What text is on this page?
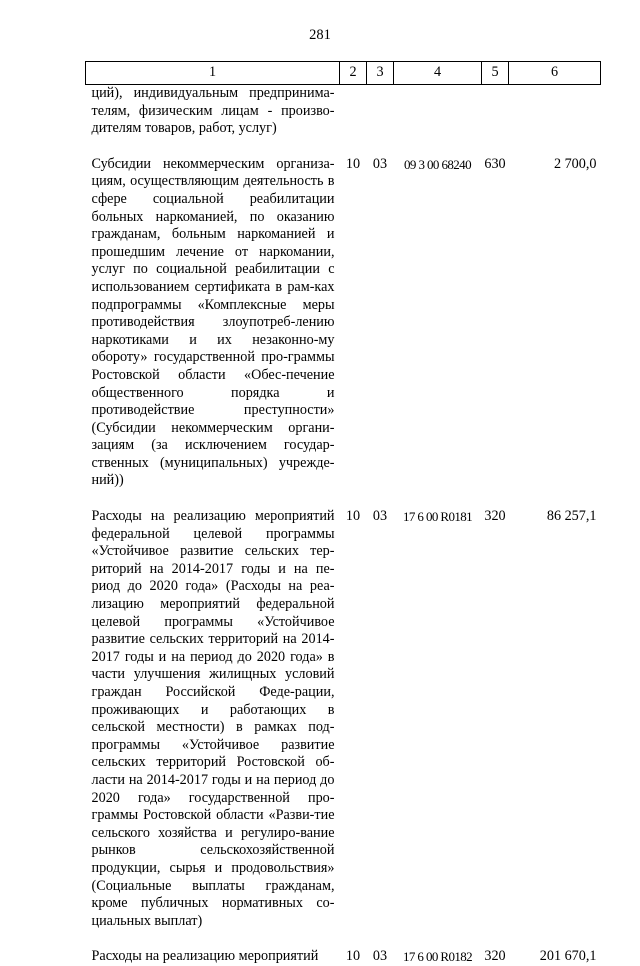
281
1	2	3	4	5	6
ций), индивидуальным предпринима-телям, физическим лицам - произво-дителям товаров, работ, услуг)					
Субсидии некоммерческим организа-циям, осуществляющим деятельность в сфере социальной реабилитации больных наркоманией, по оказанию гражданам, больным наркоманией и прошедшим лечение от наркомании, услуг по социальной реабилитации с использованием сертификата в рам-ках подпрограммы «Комплексные меры противодействия злоупотреб-лению наркотиками и их незаконно-му обороту» государственной про-граммы Ростовской области «Обес-печение общественного порядка и противодействие преступности» (Субсидии некоммерческим органи-зациям (за исключением государ-ственных (муниципальных) учрежде-ний))	10	03	09 3 00 68240	630	2 700,0
Расходы на реализацию мероприятий федеральной целевой программы «Устойчивое развитие сельских тер-риторий на 2014-2017 годы и на пе-риод до 2020 года» (Расходы на реа-лизацию мероприятий федеральной целевой программы «Устойчивое развитие сельских территорий на 2014-2017 годы и на период до 2020 года» в части улучшения жилищных условий граждан Российской Феде-рации, проживающих и работающих в сельской местности) в рамках под-программы «Устойчивое развитие сельских территорий Ростовской об-ласти на 2014-2017 годы и на период до 2020 года» государственной про-граммы Ростовской области «Разви-тие сельского хозяйства и регулиро-вание рынков сельскохозяйственной продукции, сырья и продовольствия» (Социальные выплаты гражданам, кроме публичных нормативных со-циальных выплат)	10	03	17 6 00 R0181	320	86 257,1
Расходы на реализацию мероприятий	10	03	17 6 00 R0182	320	201 670,1
